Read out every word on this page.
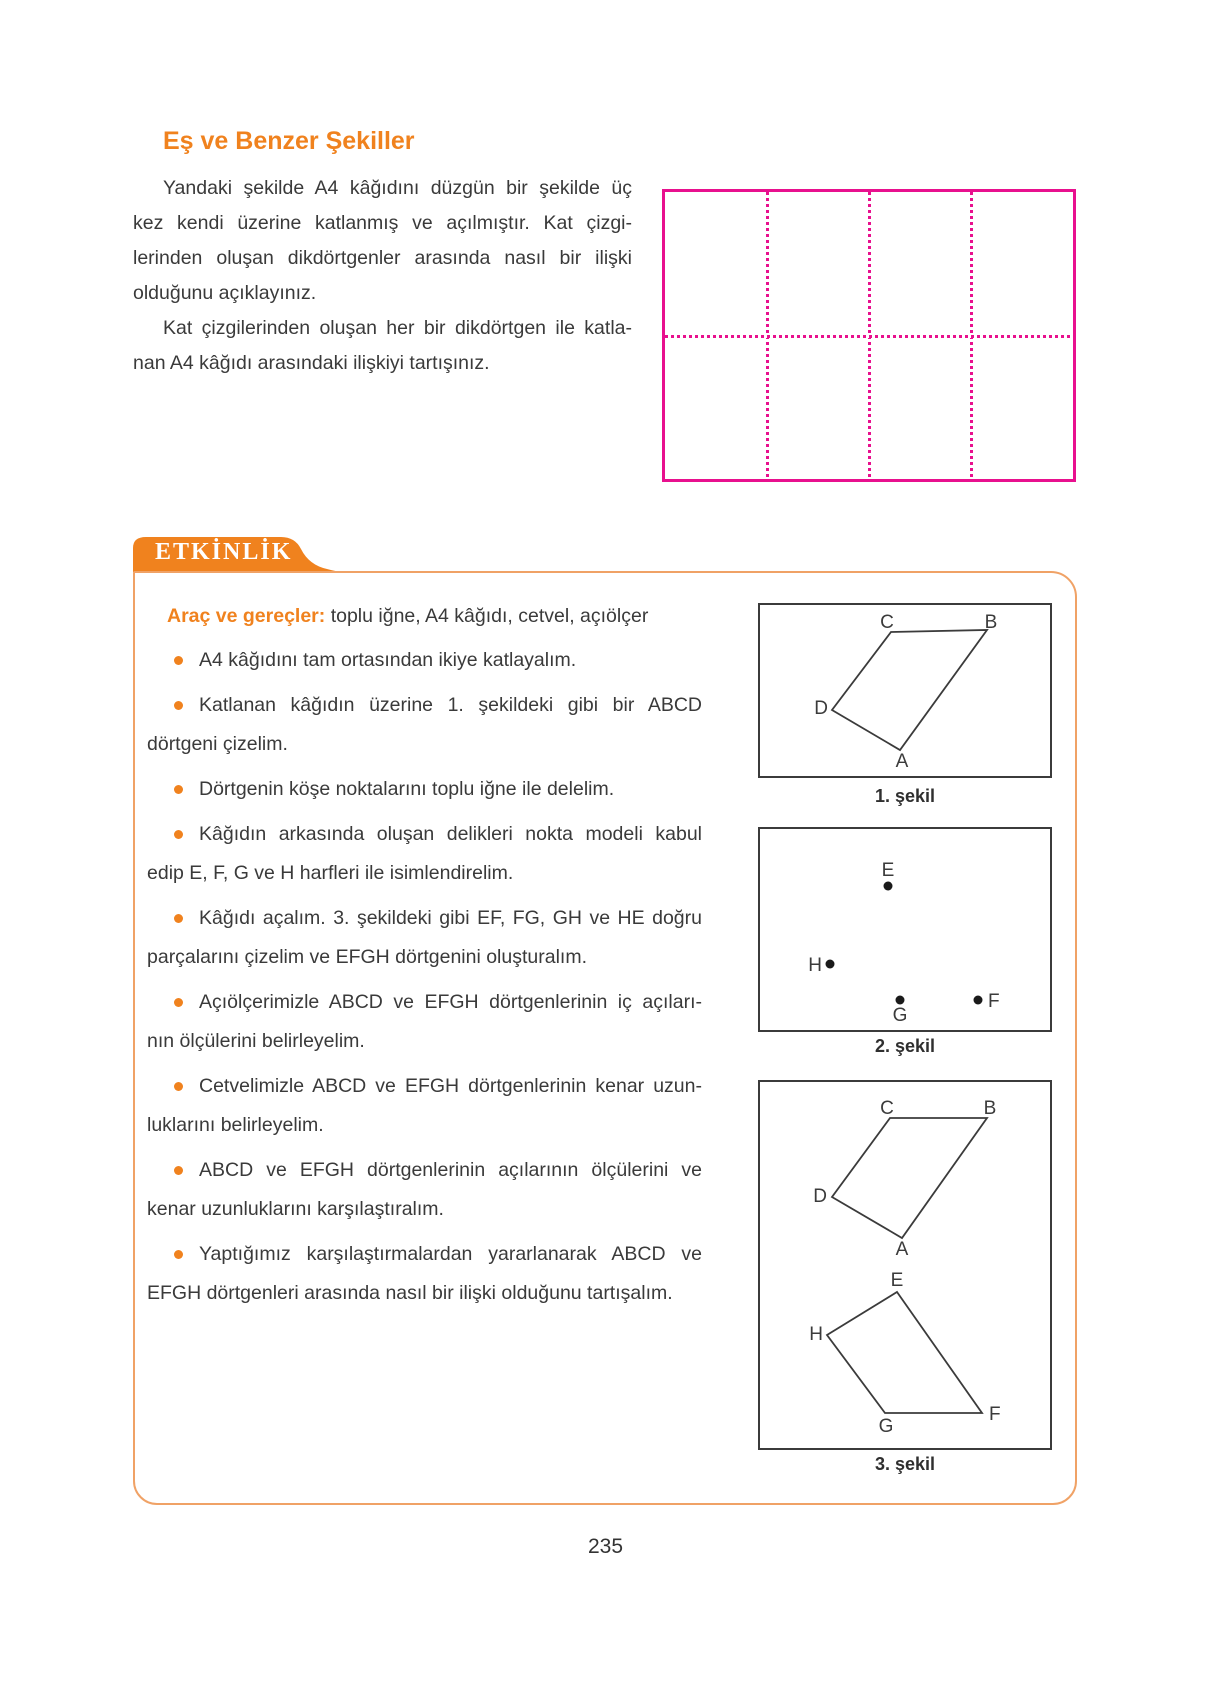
Eş ve Benzer Şekiller
Yandaki şekilde A4 kâğıdını düzgün bir şekilde üç
kez kendi üzerine katlanmış ve açılmıştır. Kat çizgi-
lerinden oluşan dikdörtgenler arasında nasıl bir ilişki
olduğunu açıklayınız.
Kat çizgilerinden oluşan her bir dikdörtgen ile katla-
nan A4 kâğıdı arasındaki ilişkiyi tartışınız.
ETKİNLİK
Araç ve gereçler: toplu iğne, A4 kâğıdı, cetvel, açıölçer
A4 kâğıdını tam ortasından ikiye katlayalım.
Katlanan kâğıdın üzerine 1. şekildeki gibi bir ABCD
dörtgeni çizelim.
Dörtgenin köşe noktalarını toplu iğne ile delelim.
Kâğıdın arkasında oluşan delikleri nokta modeli kabul
edip E, F, G ve H harfleri ile isimlendirelim.
Kâğıdı açalım. 3. şekildeki gibi EF, FG, GH ve HE doğru
parçalarını çizelim ve EFGH dörtgenini oluşturalım.
Açıölçerimizle ABCD ve EFGH dörtgenlerinin iç açıları-
nın ölçülerini belirleyelim.
Cetvelimizle ABCD ve EFGH dörtgenlerinin kenar uzun-
luklarını belirleyelim.
ABCD ve EFGH dörtgenlerinin açılarının ölçülerini ve
kenar uzunluklarını karşılaştıralım.
Yaptığımız karşılaştırmalardan yararlanarak ABCD ve
EFGH dörtgenleri arasında nasıl bir ilişki olduğunu tartışalım.
C	B
D
A
1. şekil
E
H
G
F
2. şekil
C	B
D
A
E
H
G
F
3. şekil
235
